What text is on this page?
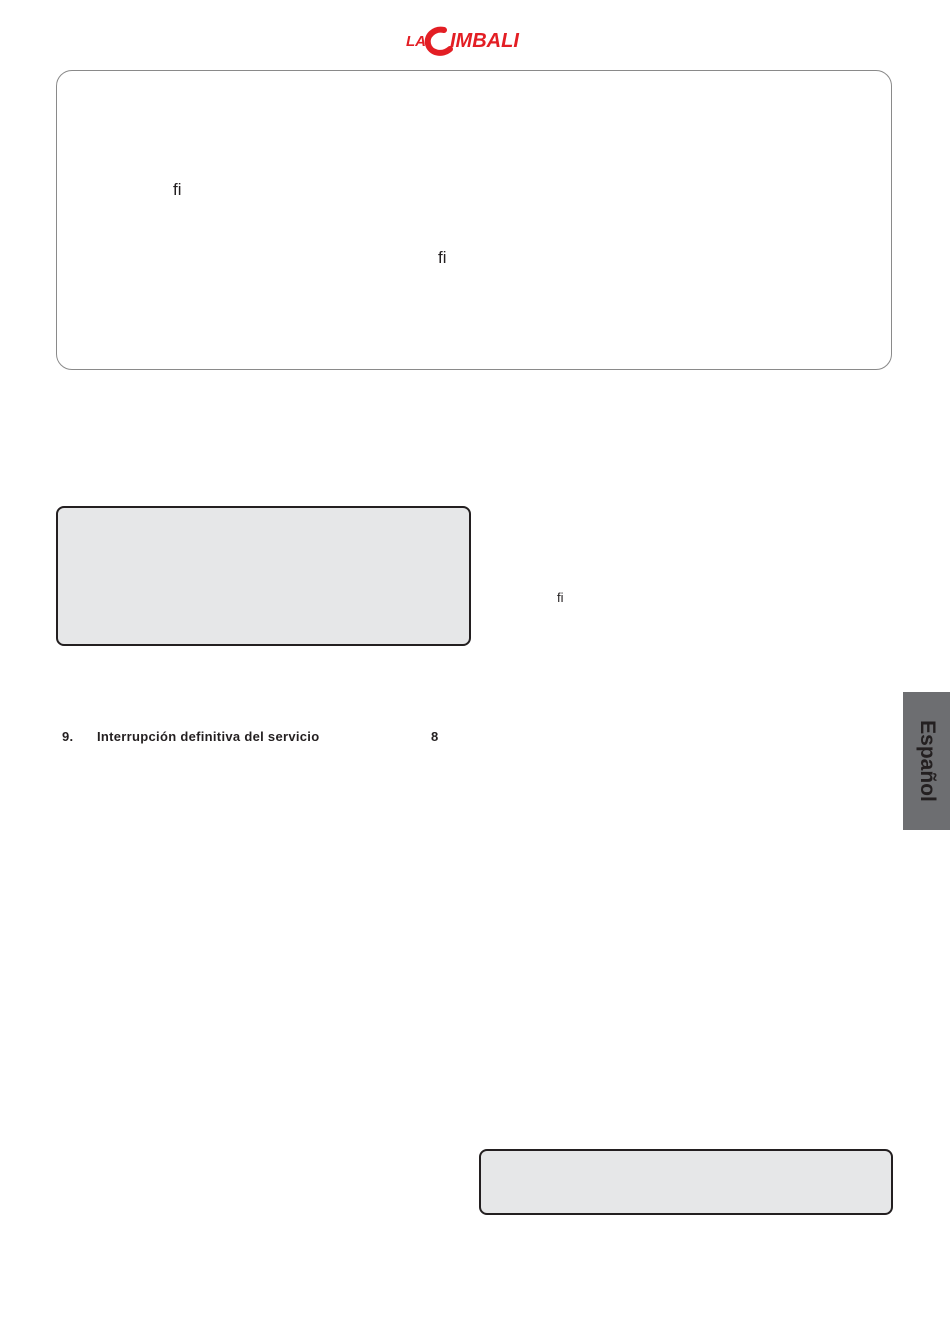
LA IMBALI
ﬁ
ﬁ
ﬁ
9. Interrupción definitiva del servicio	8	Español
